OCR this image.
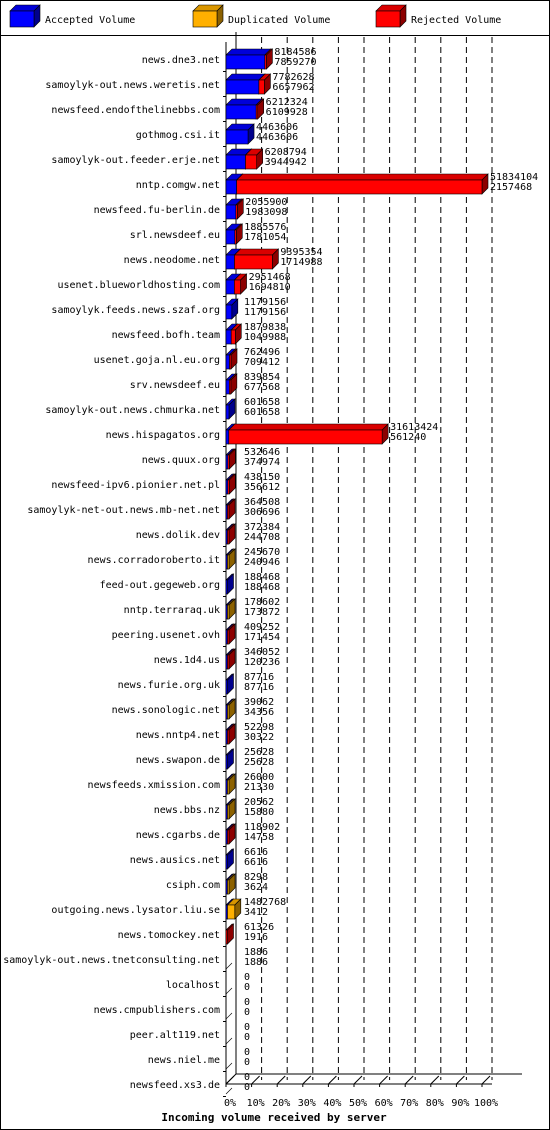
Accepted Volume	Duplicated Volume	Rejected Volume
news.dne3.net
samoylyk-out.news.weretis.net
newsfeed.endofthelinebbs.com
gothmog.csi.it
samoylyk-out.feeder.erje.net
nntp.comgw.net
newsfeed.fu-berlin.de
srl.newsdeef.eu
news.neodome.net
usenet.blueworldhosting.com
samoylyk.feeds.news.szaf.org
newsfeed.bofh.team
usenet.goja.nl.eu.org
srv.newsdeef.eu
samoylyk-out.news.chmurka.net
news.hispagatos.org
news.quux.org
newsfeed-ipv6.pionier.net.pl
samoylyk-net-out.news.mb-net.net
news.dolik.dev
news.corradoroberto.it
feed-out.gegeweb.org
nntp.terraraq.uk
peering.usenet.ovh
news.1d4.us
news.furie.org.uk
news.sonologic.net
news.nntp4.net
news.swapon.de
newsfeeds.xmission.com
news.bbs.nz
news.cgarbs.de
news.ausics.net
csiph.com
outgoing.news.lysator.liu.se
news.tomockey.net
samoylyk-out.news.tnetconsulting.net
localhost
news.cmpublishers.com
peer.alt119.net
news.niel.me
newsfeed.xs3.de
8184586
7859270
7782628
6657962
6212324
6109928
4463606
4463606
6208794
3944942
51834104
2157468
2055900
1983098
1885576
1781054
9395354
1714988
2951468
1694810
1179156
1179156
1879838
1049988
762496
709412
839854
677568
601658
601658
31613424
561240
532646
374974
438150
356612
364508
306696
372384
244708
245670
240946
188468
188468
178602
173872
409252
171454
346052
120236
87716
87716
39062
34356
52298
30322
25628
25628
26000
21330
20562
15880
118902
14758
6616
6616
8298
3624
1482768
3412
61326
1916
1886
1886
0
0
0
0
0
0
0
0
0
0
0% 10% 20% 30% 40% 50% 60% 70% 80% 90% 100%
Incoming volume received by server
